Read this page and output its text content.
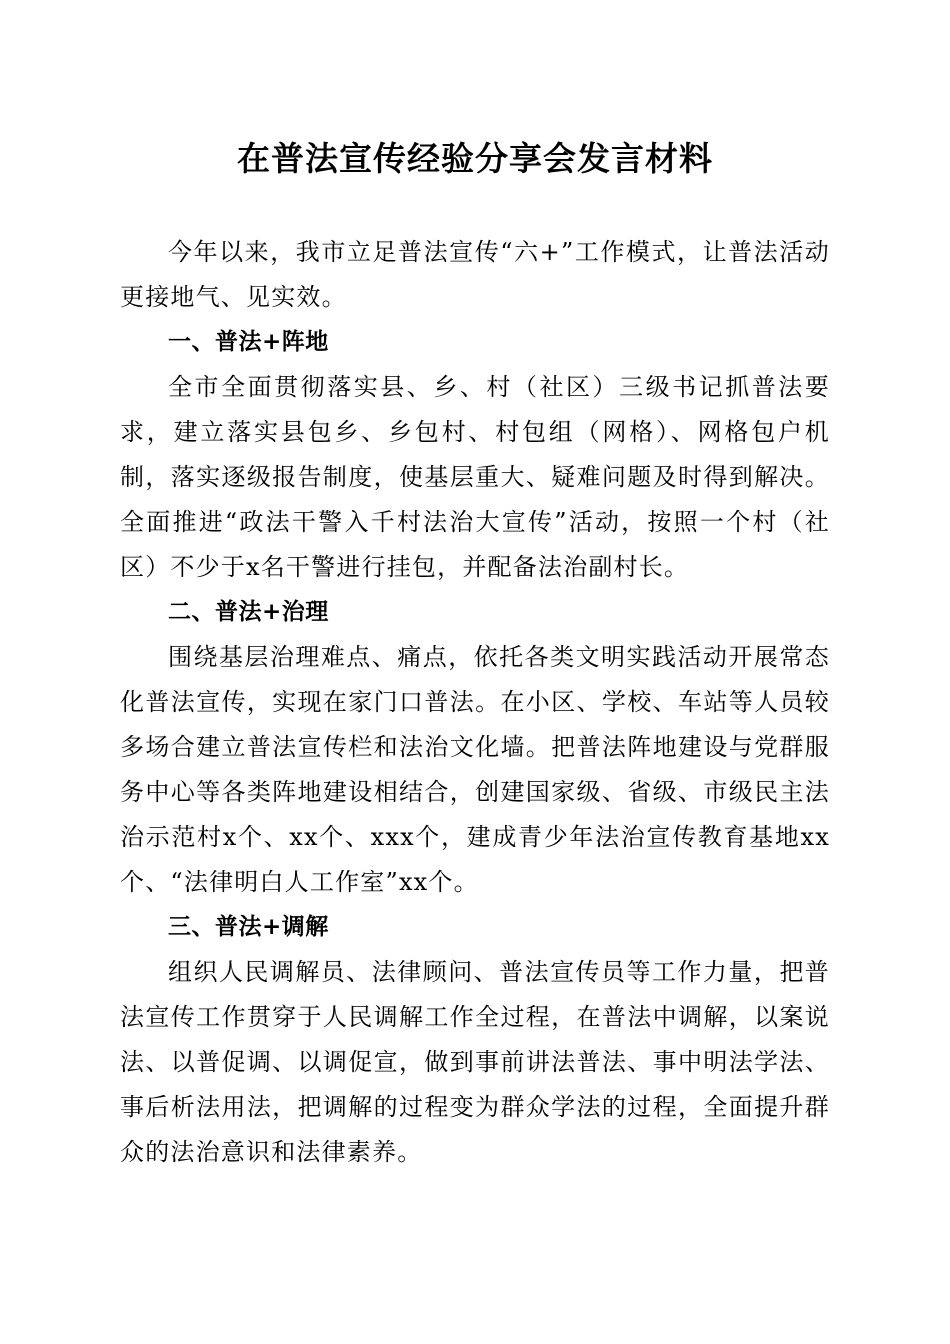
在普法宣传经验分享会发言材料

今年以来，我市立足普法宣传“六+”工作模式，让普法活动更接地气、见实效。

一、普法+阵地

全市全面贯彻落实县、乡、村（社区）三级书记抓普法要求，建立落实县包乡、乡包村、村包组（网格）、网格包户机制，落实逐级报告制度，使基层重大、疑难问题及时得到解决。全面推进“政法干警入千村法治大宣传”活动，按照一个村（社区）不少于x名干警进行挂包，并配备法治副村长。

二、普法+治理

围绕基层治理难点、痛点，依托各类文明实践活动开展常态化普法宣传，实现在家门口普法。在小区、学校、车站等人员较多场合建立普法宣传栏和法治文化墙。把普法阵地建设与党群服务中心等各类阵地建设相结合，创建国家级、省级、市级民主法治示范村x个、xx个、xxx个，建成青少年法治宣传教育基地xx个、“法律明白人工作室”xx个。

三、普法+调解

组织人民调解员、法律顾问、普法宣传员等工作力量，把普法宣传工作贯穿于人民调解工作全过程，在普法中调解，以案说法、以普促调、以调促宣，做到事前讲法普法、事中明法学法、事后析法用法，把调解的过程变为群众学法的过程，全面提升群众的法治意识和法律素养。
